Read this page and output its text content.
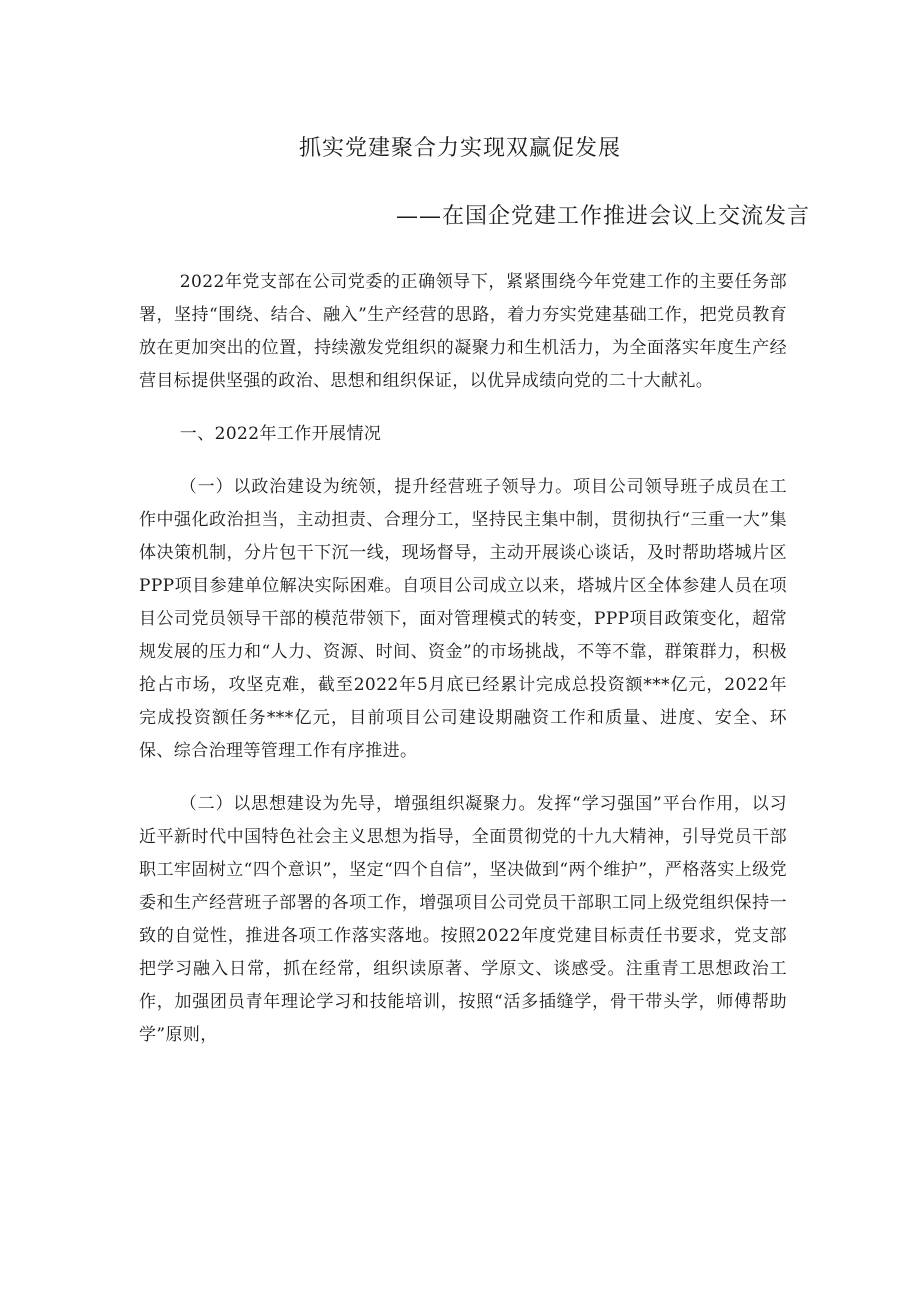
抓实党建聚合力实现双赢促发展
——在国企党建工作推进会议上交流发言

2022年党支部在公司党委的正确领导下，紧紧围绕今年党建工作的主要任务部署，坚持“围绕、结合、融入”生产经营的思路，着力夯实党建基础工作，把党员教育放在更加突出的位置，持续激发党组织的凝聚力和生机活力，为全面落实年度生产经营目标提供坚强的政治、思想和组织保证，以优异成绩向党的二十大献礼。

一、2022年工作开展情况

（一）以政治建设为统领，提升经营班子领导力。项目公司领导班子成员在工作中强化政治担当，主动担责、合理分工，坚持民主集中制，贯彻执行“三重一大”集体决策机制，分片包干下沉一线，现场督导，主动开展谈心谈话，及时帮助塔城片区PPP项目参建单位解决实际困难。自项目公司成立以来，塔城片区全体参建人员在项目公司党员领导干部的模范带领下，面对管理模式的转变，PPP项目政策变化，超常规发展的压力和“人力、资源、时间、资金”的市场挑战，不等不靠，群策群力，积极抢占市场，攻坚克难，截至2022年5月底已经累计完成总投资额***亿元，2022年完成投资额任务***亿元，目前项目公司建设期融资工作和质量、进度、安全、环保、综合治理等管理工作有序推进。

（二）以思想建设为先导，增强组织凝聚力。发挥“学习强国”平台作用，以习近平新时代中国特色社会主义思想为指导，全面贯彻党的十九大精神，引导党员干部职工牢固树立“四个意识”，坚定“四个自信”，坚决做到“两个维护”，严格落实上级党委和生产经营班子部署的各项工作，增强项目公司党员干部职工同上级党组织保持一致的自觉性，推进各项工作落实落地。按照2022年度党建目标责任书要求，党支部把学习融入日常，抓在经常，组织读原著、学原文、谈感受。注重青工思想政治工作，加强团员青年理论学习和技能培训，按照“活多插缝学，骨干带头学，师傅帮助学”原则，
